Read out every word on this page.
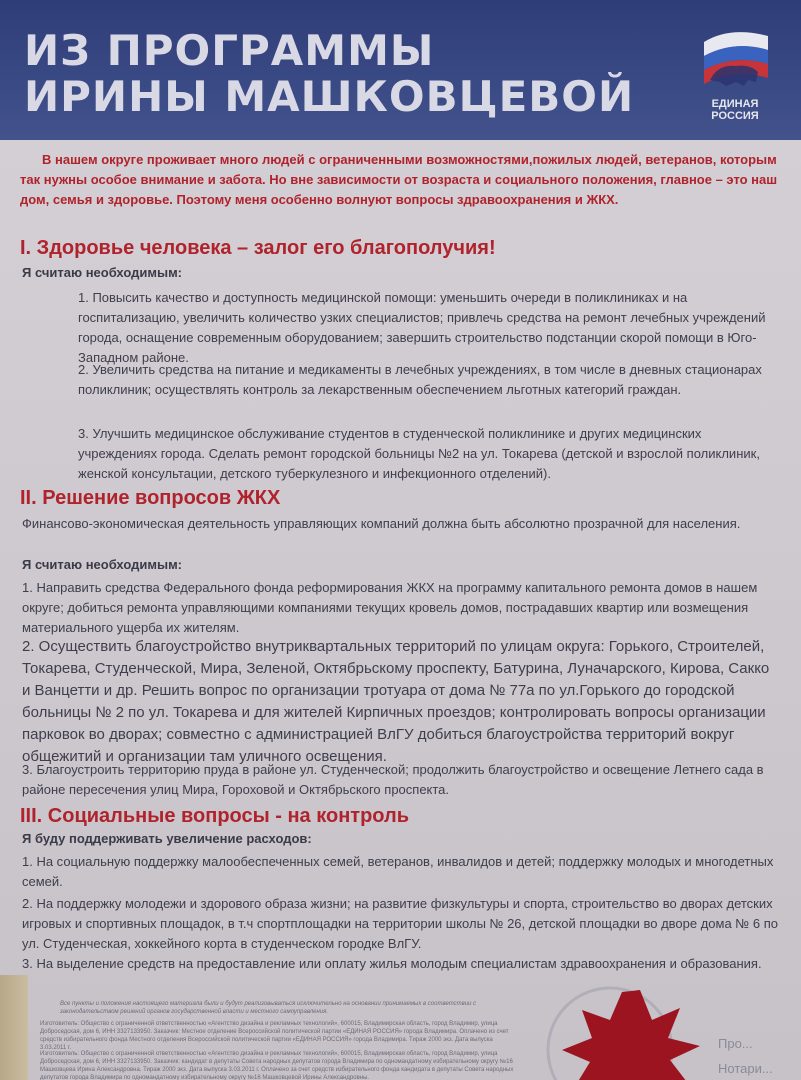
ИЗ ПРОГРАММЫ
ИРИНЫ МАШКОВЦЕВОЙ	ЕДИНАЯ
РОССИЯ
В нашем округе проживает много людей с ограниченными возможностями,пожилых людей, ветеранов, которым так нужны особое внимание и забота. Но вне зависимости от возраста и социального положения, главное – это наш дом, семья и здоровье. Поэтому меня особенно волнуют вопросы здравоохранения и ЖКХ.
I. Здоровье человека – залог его благополучия!
Я считаю необходимым:
1. Повысить качество и доступность медицинской помощи: уменьшить очереди в поликлиниках и на госпитализацию, увеличить количество узких специалистов; привлечь средства на ремонт лечебных учреждений города, оснащение современным оборудованием; завершить строительство подстанции скорой помощи в Юго-Западном районе.
2. Увеличить средства на питание и медикаменты в лечебных учреждениях, в том числе в дневных стационарах поликлиник; осуществлять контроль за лекарственным обеспечением льготных категорий граждан.
3. Улучшить медицинское обслуживание студентов в студенческой поликлинике и других медицинских учреждениях города. Сделать ремонт городской больницы №2 на ул. Токарева (детской и взрослой поликлиник, женской консультации, детского туберкулезного и инфекционного отделений).
II. Решение вопросов ЖКХ
Финансово-экономическая деятельность управляющих компаний должна быть абсолютно прозрачной для населения.
Я считаю необходимым:
1. Направить средства Федерального фонда реформирования ЖКХ на программу капитального ремонта домов в нашем округе; добиться ремонта управляющими компаниями текущих кровель домов, пострадавших квартир или возмещения материального ущерба их жителям.
2. Осуществить благоустройство внутриквартальных территорий по улицам округа: Горького, Строителей, Токарева, Студенческой, Мира, Зеленой, Октябрьскому проспекту, Батурина, Луначарского, Кирова, Сакко и Ванцетти и др. Решить вопрос по организации тротуара от дома № 77а по ул.Горького до городской больницы № 2 по ул. Токарева и для жителей Кирпичных проездов; контролировать вопросы организации парковок во дворах; совместно с администрацией ВлГУ добиться благоустройства территорий вокруг общежитий и организации там уличного освещения.
3. Благоустроить территорию пруда в районе ул. Студенческой; продолжить благоустройство и освещение Летнего сада в районе пересечения улиц Мира, Гороховой и Октябрьского проспекта.
III. Социальные вопросы - на контроль
Я буду поддерживать увеличение расходов:
1. На социальную поддержку малообеспеченных семей, ветеранов, инвалидов и детей; поддержку молодых и многодетных семей.
2. На поддержку молодежи и здорового образа жизни; на развитие физкультуры и спорта, строительство во дворах детских игровых и спортивных площадок, в т.ч спортплощадки на территории школы № 26, детской площадки во дворе дома № 6 по ул. Студенческая, хоккейного корта в студенческом городке ВлГУ.
3. На выделение средств на предоставление или оплату жилья молодым специалистам здравоохранения и образования.
Все пункты и положения настоящего материала были и будут реализовываться исключительно на основании принимаемых в соответствии с законодательством решений органов государственной власти и местного самоуправления.
Изготовитель: Общество с ограниченной ответственностью «Агентство дизайна и рекламных технологий», 600015, Владимирская область, город Владимир, улица Доброседская, дом 6, ИНН 3327133950. Заказчик: Местное отделение Всероссийской политической партии «ЕДИНАЯ РОССИЯ» города Владимира. Оплачено из счет средств избирательного фонда Местного отделения Всероссийской политической партии «ЕДИНАЯ РОССИЯ» города Владимира. Тираж 2000 экз. Дата выпуска 3.03.2011 г.
Изготовитель: Общество с ограниченной ответственностью «Агентство дизайна и рекламных технологий», 600015, Владимирская область, город Владимир, улица Доброседская, дом 6, ИНН 3327133950. Заказчик: кандидат в депутаты Совета народных депутатов города Владимира по одномандатному избирательному округу №16 Машковцева Ирина Александровна. Тираж 2000 экз. Дата выпуска 3.03.2011 г. Оплачено за счет средств избирательного фонда кандидата в депутаты Совета народных депутатов города Владимира по одномандатному избирательному округу №16 Машковцевой Ирины Александровны.
Про...
Нотари...
